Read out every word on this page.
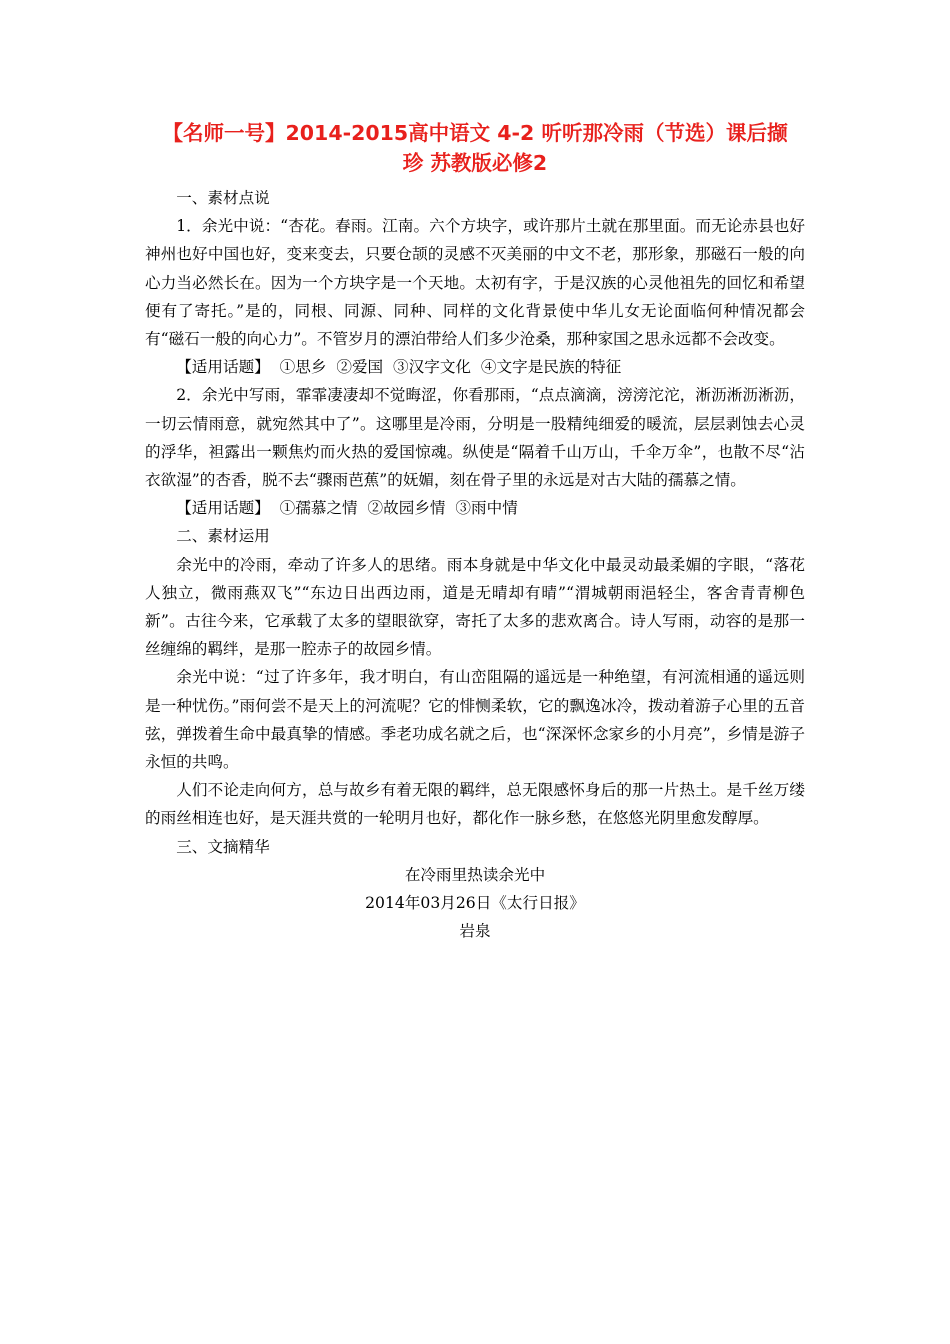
【名师一号】2014-2015高中语文 4-2 听听那冷雨（节选）课后撷
珍 苏教版必修2

一、素材点说

1．余光中说：“杏花。春雨。江南。六个方块字，或许那片土就在那里面。而无论赤县也好神州也好中国也好，变来变去，只要仓颉的灵感不灭美丽的中文不老，那形象，那磁石一般的向心力当必然长在。因为一个方块字是一个天地。太初有字，于是汉族的心灵他祖先的回忆和希望便有了寄托。”是的，同根、同源、同种、同样的文化背景使中华儿女无论面临何种情况都会有“磁石一般的向心力”。不管岁月的漂泊带给人们多少沧桑，那种家国之思永远都不会改变。

【适用话题】  ①思乡  ②爱国  ③汉字文化  ④文字是民族的特征

2．余光中写雨，霏霏凄凄却不觉晦涩，你看那雨，“点点滴滴，滂滂沱沱，淅沥淅沥淅沥，一切云情雨意，就宛然其中了”。这哪里是冷雨，分明是一股精纯细爱的暖流，层层剥蚀去心灵的浮华，袒露出一颗焦灼而火热的爱国惊魂。纵使是“隔着千山万山，千伞万伞”，也散不尽“沾衣欲湿”的杏香，脱不去“骤雨芭蕉”的妩媚，刻在骨子里的永远是对古大陆的孺慕之情。

【适用话题】  ①孺慕之情  ②故园乡情  ③雨中情

二、素材运用

余光中的冷雨，牵动了许多人的思绪。雨本身就是中华文化中最灵动最柔媚的字眼，“落花人独立，微雨燕双飞”“东边日出西边雨，道是无晴却有晴”“渭城朝雨浥轻尘，客舍青青柳色新”。古往今来，它承载了太多的望眼欲穿，寄托了太多的悲欢离合。诗人写雨，动容的是那一丝缠绵的羁绊，是那一腔赤子的故园乡情。

余光中说：“过了许多年，我才明白，有山峦阻隔的遥远是一种绝望，有河流相通的遥远则是一种忧伤。”雨何尝不是天上的河流呢？它的悱恻柔软，它的飘逸冰冷，拨动着游子心里的五音弦，弹拨着生命中最真挚的情感。季老功成名就之后，也“深深怀念家乡的小月亮”，乡情是游子永恒的共鸣。

人们不论走向何方，总与故乡有着无限的羁绊，总无限感怀身后的那一片热土。是千丝万缕的雨丝相连也好，是天涯共赏的一轮明月也好，都化作一脉乡愁，在悠悠光阴里愈发醇厚。

三、文摘精华

在冷雨里热读余光中

2014年03月26日《太行日报》

岩泉
